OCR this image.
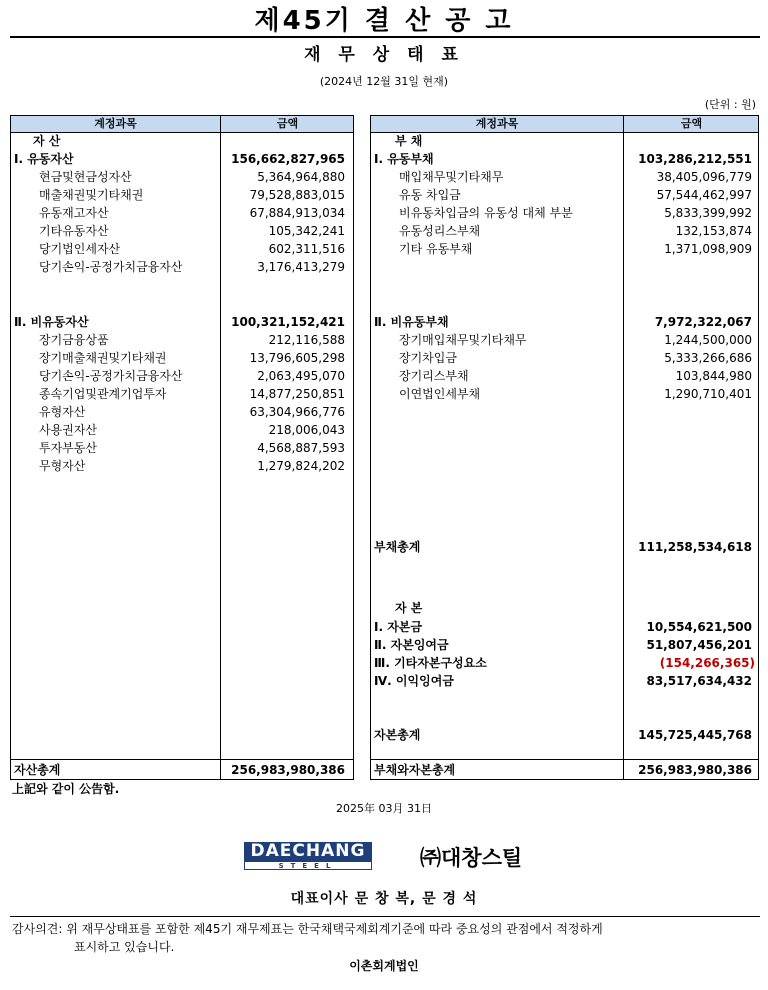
제45기 결 산 공 고
재 무 상 태 표
(2024년 12월 31일 현재)
(단위 : 원)
계정과목	금액
자 산
Ⅰ. 유동자산	156,662,827,965
현금및현금성자산	5,364,964,880
매출채권및기타채권	79,528,883,015
유동재고자산	67,884,913,034
기타유동자산	105,342,241
당기법인세자산	602,311,516
당기손익-공정가치금융자산	3,176,413,279
Ⅱ. 비유동자산	100,321,152,421
장기금융상품	212,116,588
장기매출채권및기타채권	13,796,605,298
당기손익-공정가치금융자산	2,063,495,070
종속기업및관계기업투자	14,877,250,851
유형자산	63,304,966,776
사용권자산	218,006,043
투자부동산	4,568,887,593
무형자산	1,279,824,202
자산총계	256,983,980,386
계정과목	금액
부 채
Ⅰ. 유동부채	103,286,212,551
매입채무및기타채무	38,405,096,779
유동 차입금	57,544,462,997
비유동차입금의 유동성 대체 부분	5,833,399,992
유동성리스부채	132,153,874
기타 유동부채	1,371,098,909
Ⅱ. 비유동부채	7,972,322,067
장기매입채무및기타채무	1,244,500,000
장기차입금	5,333,266,686
장기리스부채	103,844,980
이연법인세부채	1,290,710,401
부채총계	111,258,534,618
자 본
Ⅰ. 자본금	10,554,621,500
Ⅱ. 자본잉여금	51,807,456,201
Ⅲ. 기타자본구성요소	(154,266,365)
Ⅳ. 이익잉여금	83,517,634,432
자본총계	145,725,445,768
부채와자본총계	256,983,980,386
上記와 같이 公告함.
2025年 03月 31日
DAECHANG
STEEL	㈜대창스틸
대표이사 문 창 복, 문 경 석
감사의견: 위 재무상태표를 포함한 제45기 재무제표는 한국채택국제회계기준에 따라 중요성의 관점에서 적정하게
표시하고 있습니다.
이촌회계법인
